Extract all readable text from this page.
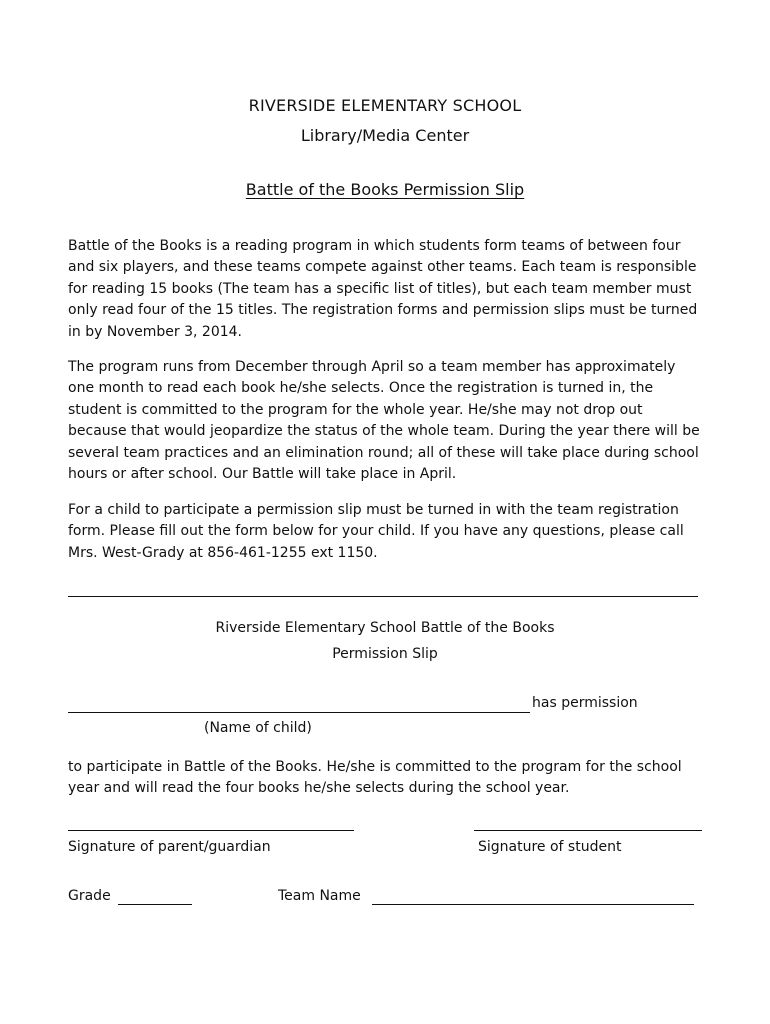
RIVERSIDE ELEMENTARY SCHOOL
Library/Media Center
Battle of the Books Permission Slip

Battle of the Books is a reading program in which students form teams of between four and six players, and these teams compete against other teams. Each team is responsible for reading 15 books (The team has a specific list of titles), but each team member must only read four of the 15 titles. The registration forms and permission slips must be turned in by November 3, 2014.

The program runs from December through April so a team member has approximately one month to read each book he/she selects. Once the registration is turned in, the student is committed to the program for the whole year. He/she may not drop out because that would jeopardize the status of the whole team. During the year there will be several team practices and an elimination round; all of these will take place during school hours or after school. Our Battle will take place in April.

For a child to participate a permission slip must be turned in with the team registration form. Please fill out the form below for your child. If you have any questions, please call Mrs. West-Grady at 856-461-1255 ext 1150.

Riverside Elementary School Battle of the Books
Permission Slip
has permission
(Name of child)

to participate in Battle of the Books. He/she is committed to the program for the school year and will read the four books he/she selects during the school year.

Signature of parent/guardian	Signature of student
Grade	Team Name
